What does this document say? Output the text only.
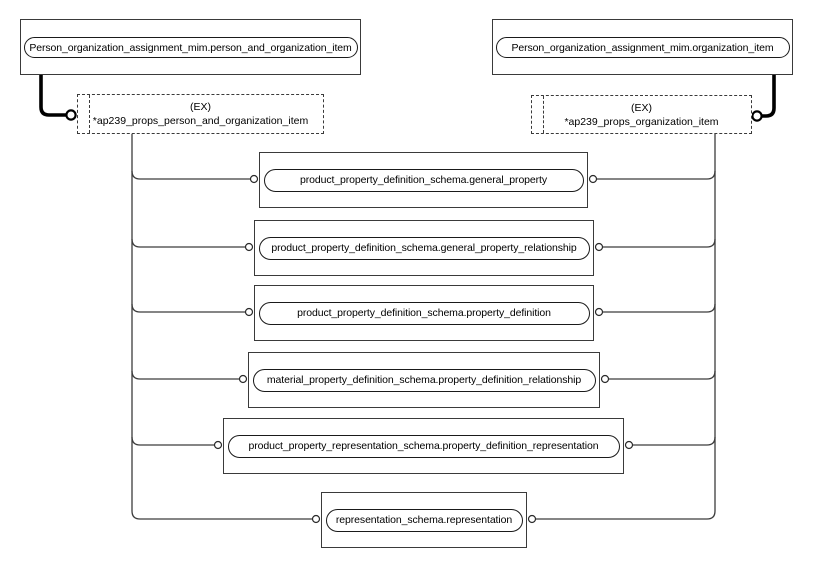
Person_organization_assignment_mim.person_and_organization_item	Person_organization_assignment_mim.organization_item
(EX)
*ap239_props_person_and_organization_item
(EX)
*ap239_props_organization_item
product_property_definition_schema.general_property
product_property_definition_schema.general_property_relationship
product_property_definition_schema.property_definition
material_property_definition_schema.property_definition_relationship
product_property_representation_schema.property_definition_representation
representation_schema.representation
